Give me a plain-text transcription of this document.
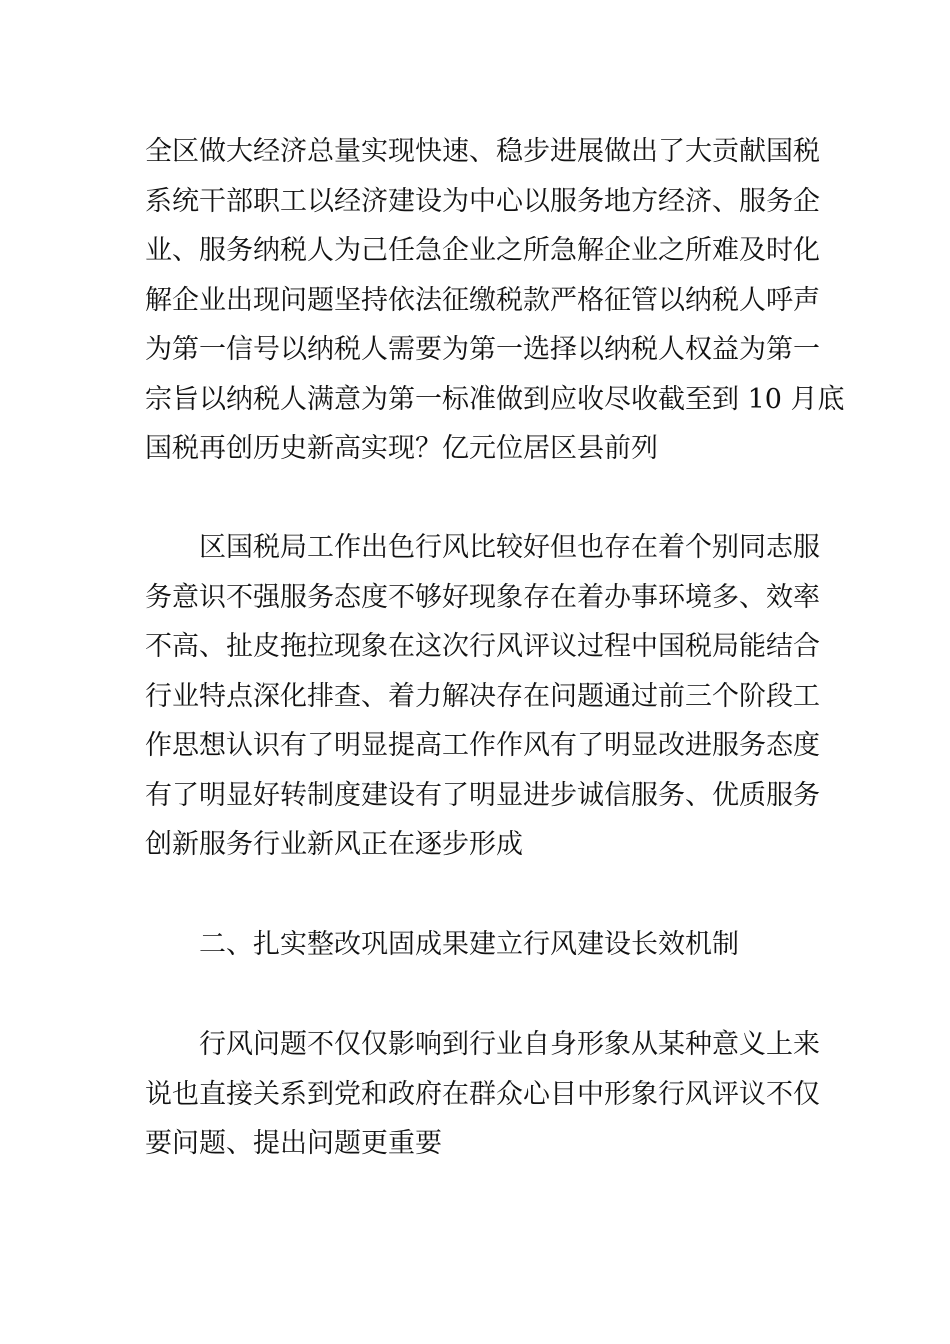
全区做大经济总量实现快速、稳步进展做出了大贡献国税
系统干部职工以经济建设为中心以服务地方经济、服务企
业、服务纳税人为己任急企业之所急解企业之所难及时化
解企业出现问题坚持依法征缴税款严格征管以纳税人呼声
为第一信号以纳税人需要为第一选择以纳税人权益为第一
宗旨以纳税人满意为第一标准做到应收尽收截至到 10 月底
国税再创历史新高实现？亿元位居区县前列
区国税局工作出色行风比较好但也存在着个别同志服
务意识不强服务态度不够好现象存在着办事环境多、效率
不高、扯皮拖拉现象在这次行风评议过程中国税局能结合
行业特点深化排查、着力解决存在问题通过前三个阶段工
作思想认识有了明显提高工作作风有了明显改进服务态度
有了明显好转制度建设有了明显进步诚信服务、优质服务
创新服务行业新风正在逐步形成
二、扎实整改巩固成果建立行风建设长效机制
行风问题不仅仅影响到行业自身形象从某种意义上来
说也直接关系到党和政府在群众心目中形象行风评议不仅
要问题、提出问题更重要
